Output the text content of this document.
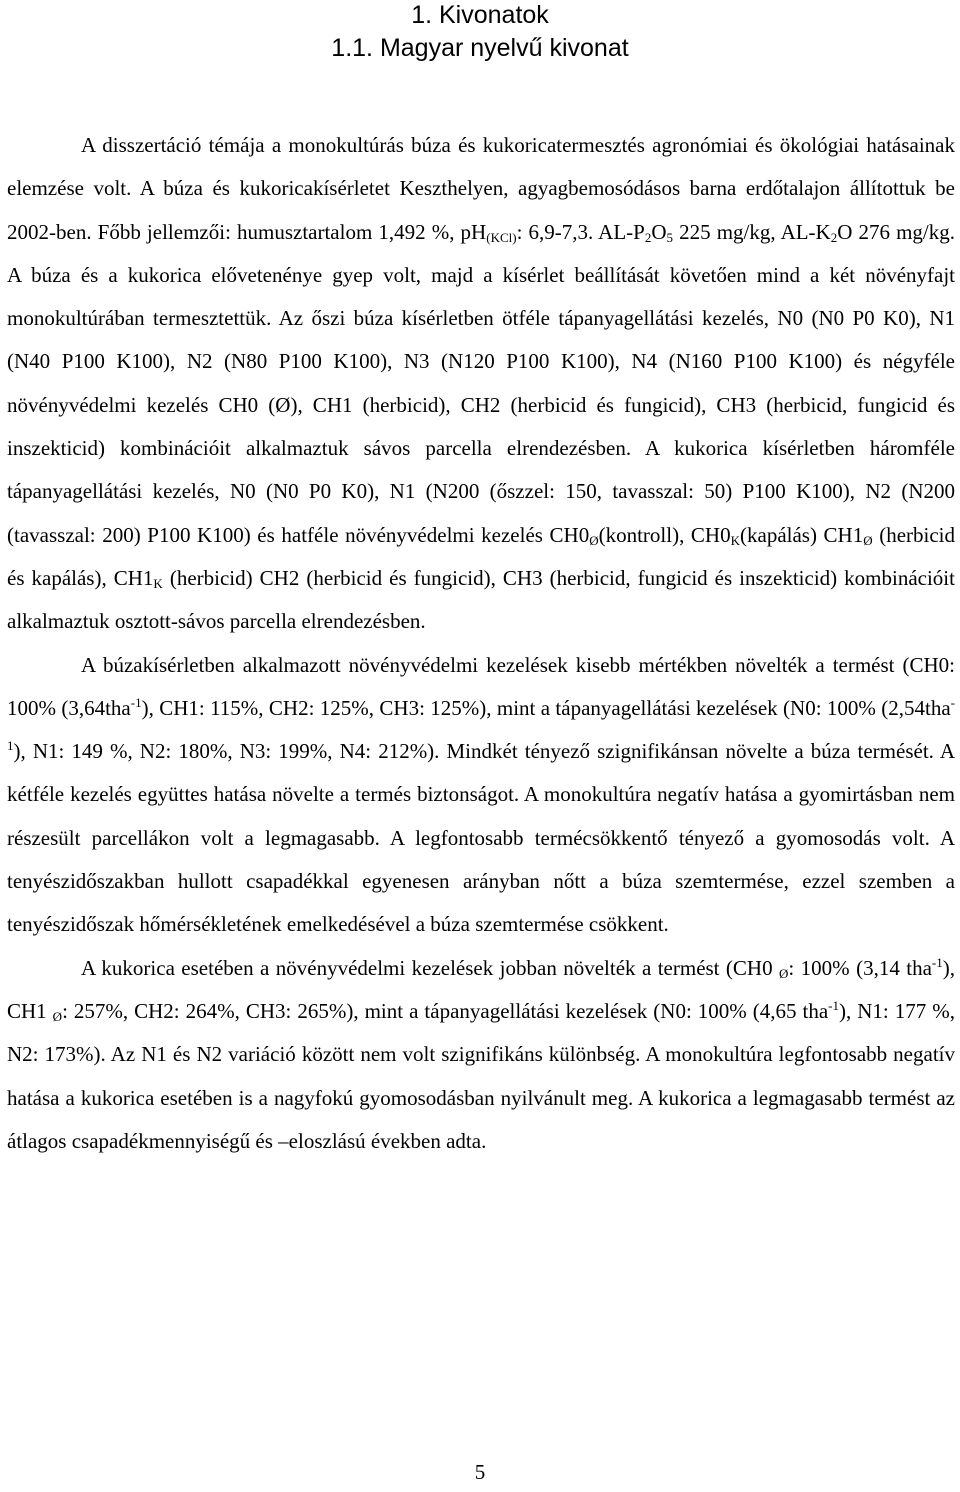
1. Kivonatok
1.1. Magyar nyelvű kivonat

A disszertáció témája a monokultúrás búza és kukoricatermesztés agronómiai és ökológiai hatásainak elemzése volt. A búza és kukoricakísérletet Keszthelyen, agyagbemosódásos barna erdőtalajon állítottuk be 2002-ben. Főbb jellemzői: humusztartalom 1,492 %, $pH_{(KCl)}$: 6,9-7,3. $AL-P_2O_5$ 225 mg/kg, $AL-K_2O$ 276 mg/kg. A búza és a kukorica elővetenénye gyep volt, majd a kísérlet beállítását követően mind a két növényfajt monokultúrában termesztettük. Az őszi búza kísérletben ötféle tápanyagellátási kezelés, N0 (N0 P0 K0), N1 (N40 P100 K100), N2 (N80 P100 K100), N3 (N120 P100 K100), N4 (N160 P100 K100) és négyféle növényvédelmi kezelés CH0 (Ø), CH1 (herbicid), CH2 (herbicid és fungicid), CH3 (herbicid, fungicid és inszekticid) kombinációit alkalmaztuk sávos parcella elrendezésben. A kukorica kísérletben háromféle tápanyagellátási kezelés, N0 (N0 P0 K0), N1 (N200 (őszzel: 150, tavasszal: 50) P100 K100), N2 (N200 (tavasszal: 200) P100 K100) és hatféle növényvédelmi kezelés $CH0_Ø(kontroll)$, $CH0_K(kapálás)$ $CH1_Ø$ (herbicid és kapálás), $CH1_K$ (herbicid) CH2 (herbicid és fungicid), CH3 (herbicid, fungicid és inszekticid) kombinációit alkalmaztuk osztott-sávos parcella elrendezésben.

A búzakísérletben alkalmazott növényvédelmi kezelések kisebb mértékben növelték a termést (CH0: 100% (3,64tha$^{-1}$), CH1: 115%, CH2: 125%, CH3: 125%), mint a tápanyagellátási kezelések (N0: 100% (2,54tha$^{-1}$), N1: 149 %, N2: 180%, N3: 199%, N4: 212%). Mindkét tényező szignifikánsan növelte a búza termését. A kétféle kezelés együttes hatása növelte a termés biztonságot. A monokultúra negatív hatása a gyomirtásban nem részesült parcellákon volt a legmagasabb. A legfontosabb termécsökkentő tényező a gyomosodás volt. A tenyészidőszakban hullott csapadékkal egyenesen arányban nőtt a búza szemtermése, ezzel szemben a tenyészidőszak hőmérsékletének emelkedésével a búza szemtermése csökkent.

A kukorica esetében a növényvédelmi kezelések jobban növelték a termést (CH0 $_Ø$: 100% (3,14 tha$^{-1}$), CH1 $_Ø$: 257%, CH2: 264%, CH3: 265%), mint a tápanyagellátási kezelések (N0: 100% (4,65 tha$^{-1}$), N1: 177 %, N2: 173%). Az N1 és N2 variáció között nem volt szignifikáns különbség. A monokultúra legfontosabb negatív hatása a kukorica esetében is a nagyfokú gyomosodásban nyilvánult meg. A kukorica a legmagasabb termést az átlagos csapadékmennyiségű és –eloszlású években adta.

5
